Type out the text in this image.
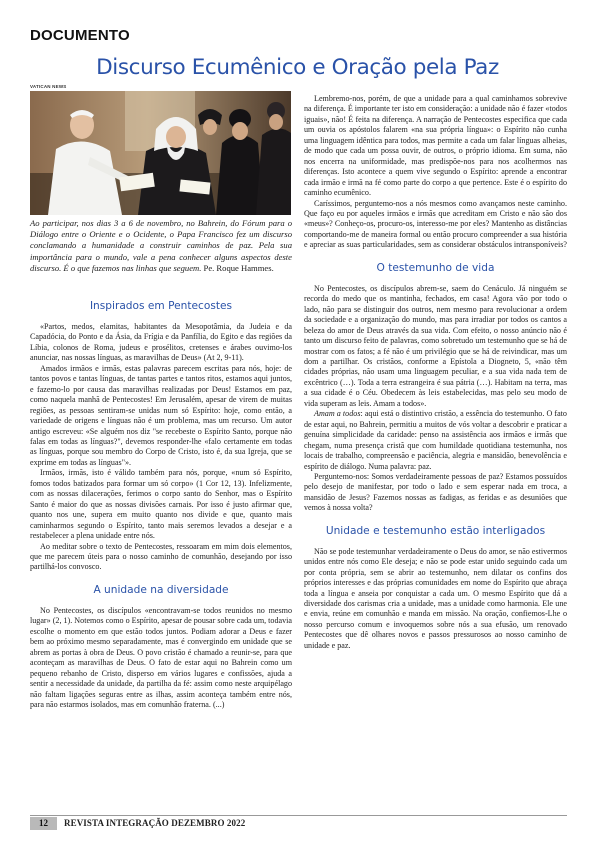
DOCUMENTO
Discurso Ecumênico e Oração pela Paz
VATICAN NEWS
Ao participar, nos dias 3 a 6 de novembro, no Bahrein, do Fórum para o Diálogo entre o Oriente e o Ocidente, o Papa Francisco fez um discurso conclamando a humanidade a construir caminhos de paz. Pela sua importância para o mundo, vale a pena conhecer alguns aspectos deste discurso. É o que fazemos nas linhas que seguem. Pe. Roque Hammes.
Inspirados em Pentecostes

«Partos, medos, elamitas, habitantes da Mesopotâmia, da Judeia e da Capadócia, do Ponto e da Ásia, da Frígia e da Panfília, do Egito e das regiões da Líbia, colonos de Roma, judeus e prosélitos, cretenses e árabes ouvimo-los anunciar, nas nossas línguas, as maravilhas de Deus» (At 2, 9-11).

Amados irmãos e irmãs, estas palavras parecem escritas para nós, hoje: de tantos povos e tantas línguas, de tantas partes e tantos ritos, estamos aqui juntos, e fazemo-lo por causa das maravilhas realizadas por Deus! Estamos em paz, como naquela manhã de Pentecostes! Em Jerusalém, apesar de virem de muitas regiões, as pessoas sentiram-se unidas num só Espírito: hoje, como então, a variedade de origens e línguas não é um problema, mas um recurso. Um autor antigo escreveu: «Se alguém nos diz "se recebeste o Espírito Santo, porque não falas em todas as línguas?", devemos responder-lhe «falo certamente em todas as línguas, porque sou membro do Corpo de Cristo, isto é, da sua Igreja, que se exprime em todas as línguas"».

Irmãos, irmãs, isto é válido também para nós, porque, «num só Espírito, fomos todos batizados para formar um só corpo» (1 Cor 12, 13). Infelizmente, com as nossas dilacerações, ferimos o corpo santo do Senhor, mas o Espírito Santo é maior do que as nossas divisões carnais. Por isso é justo afirmar que, quanto nos une, supera em muito quanto nos divide e que, quanto mais caminharmos segundo o Espírito, tanto mais seremos levados a desejar e a restabelecer a plena unidade entre nós.

Ao meditar sobre o texto de Pentecostes, ressoaram em mim dois elementos, que me parecem úteis para o nosso caminho de comunhão, desejando por isso partilhá-los convosco.

A unidade na diversidade

No Pentecostes, os discípulos «encontravam-se todos reunidos no mesmo lugar» (2, 1). Notemos como o Espírito, apesar de pousar sobre cada um, todavia escolhe o momento em que estão todos juntos. Podiam adorar a Deus e fazer bem ao próximo mesmo separadamente, mas é convergindo em unidade que se abrem as portas à obra de Deus. O povo cristão é chamado a reunir-se, para que aconteçam as maravilhas de Deus. O fato de estar aqui no Bahrein como um pequeno rebanho de Cristo, disperso em vários lugares e confissões, ajuda a sentir a necessidade da unidade, da partilha da fé: assim como neste arquipélago não faltam ligações seguras entre as ilhas, assim aconteça também entre nós, para não estarmos isolados, mas em comunhão fraterna. (...)

Lembremo-nos, porém, de que a unidade para a qual caminhamos sobrevive na diferença. É importante ter isto em consideração: a unidade não é fazer «todos iguais», não! É feita na diferença. A narração de Pentecostes especifica que cada um ouvia os apóstolos falarem «na sua própria língua»: o Espírito não cunha uma linguagem idêntica para todos, mas permite a cada um falar línguas alheias, de modo que cada um possa ouvir, de outros, o próprio idioma. Em suma, não nos encerra na uniformidade, mas predispõe-nos para nos acolhermos nas diferenças. Isto acontece a quem vive segundo o Espírito: aprende a encontrar cada irmão e irmã na fé como parte do corpo a que pertence. Este é o espírito do caminho ecumênico.

Caríssimos, perguntemo-nos a nós mesmos como avançamos neste caminho. Que faço eu por aqueles irmãos e irmãs que acreditam em Cristo e não são dos «meus»? Conheço-os, procuro-os, interesso-me por eles? Mantenho as distâncias comportando-me de maneira formal ou então procuro compreender a sua história e apreciar as suas particularidades, sem as considerar obstáculos intransponíveis?

O testemunho de vida

No Pentecostes, os discípulos abrem-se, saem do Cenáculo. Já ninguém se recorda do medo que os mantinha, fechados, em casa! Agora vão por todo o lado, não para se distinguir dos outros, nem mesmo para revolucionar a ordem da sociedade e a organização do mundo, mas para irradiar por todos os cantos a beleza do amor de Deus através da sua vida. Com efeito, o nosso anúncio não é tanto um discurso feito de palavras, como sobretudo um testemunho que se há de mostrar com os fatos; a fé não é um privilégio que se há de reivindicar, mas um dom a partilhar. Os cristãos, conforme a Epístola a Diogneto, 5, «não têm cidades próprias, não usam uma linguagem peculiar, e a sua vida nada tem de excêntrico (…). Toda a terra estrangeira é sua pátria (…). Habitam na terra, mas a sua cidade é o Céu. Obedecem às leis estabelecidas, mas pelo seu modo de vida superam as leis. Amam a todos».

Amam a todos: aqui está o distintivo cristão, a essência do testemunho. O fato de estar aqui, no Bahrein, permitiu a muitos de vós voltar a descobrir e praticar a genuína simplicidade da caridade: penso na assistência aos irmãos e irmãs que chegam, numa presença cristã que com humildade quotidiana testemunha, nos locais de trabalho, compreensão e paciência, alegria e mansidão, benevolência e espírito de diálogo. Numa palavra: paz.

Perguntemo-nos: Somos verdadeiramente pessoas de paz? Estamos possuídos pelo desejo de manifestar, por todo o lado e sem esperar nada em troca, a mansidão de Jesus? Fazemos nossas as fadigas, as feridas e as desuniões que vemos à nossa volta?

Unidade e testemunho estão interligados

Não se pode testemunhar verdadeiramente o Deus do amor, se não estivermos unidos entre nós como Ele deseja; e não se pode estar unido seguindo cada um por conta própria, sem se abrir ao testemunho, nem dilatar os confins dos próprios interesses e das próprias comunidades em nome do Espírito que abraça toda a língua e anseia por conquistar a cada um. O mesmo Espírito que dá a diversidade dos carismas cria a unidade, mas a unidade como harmonia. Ele une e envia, reúne em comunhão e manda em missão. Na oração, confiemos-Lhe o nosso percurso comum e invoquemos sobre nós a sua efusão, um renovado Pentecostes que dê olhares novos e passos pressurosos ao nosso caminho de unidade e paz.

12	REVISTA INTEGRAÇÃO DEZEMBRO 2022
